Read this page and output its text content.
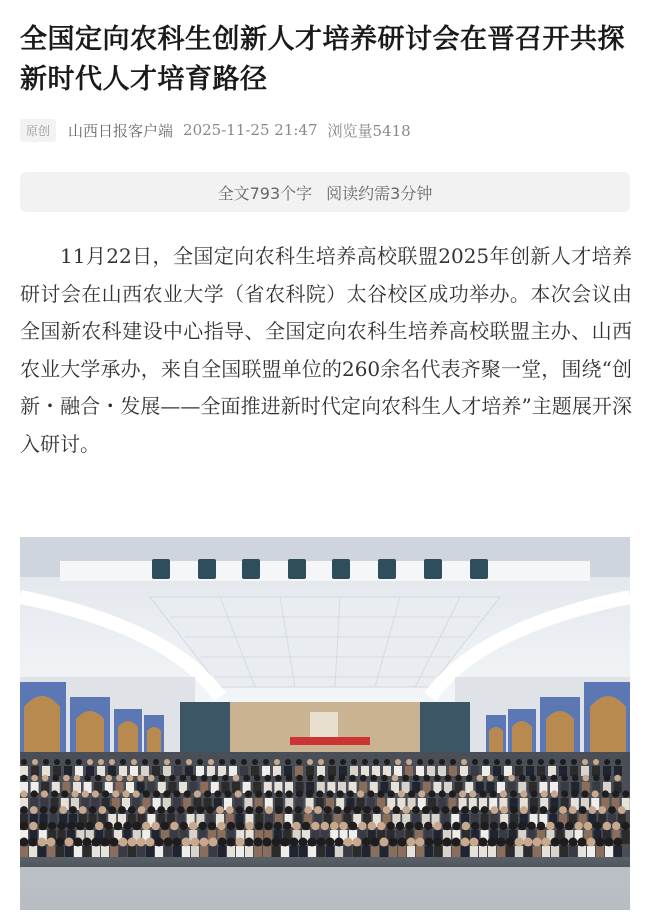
全国定向农科生创新人才培养研讨会在晋召开共探新时代人才培育路径
原创	山西日报客户端 2025-11-25 21:47 浏览量5418
全文793个字 阅读约需3分钟

11月22日，全国定向农科生培养高校联盟2025年创新人才培养研讨会在山西农业大学（省农科院）太谷校区成功举办。本次会议由全国新农科建设中心指导、全国定向农科生培养高校联盟主办、山西农业大学承办，来自全国联盟单位的260余名代表齐聚一堂，围绕“创新・融合・发展——全面推进新时代定向农科生人才培养”主题展开深入研讨。
